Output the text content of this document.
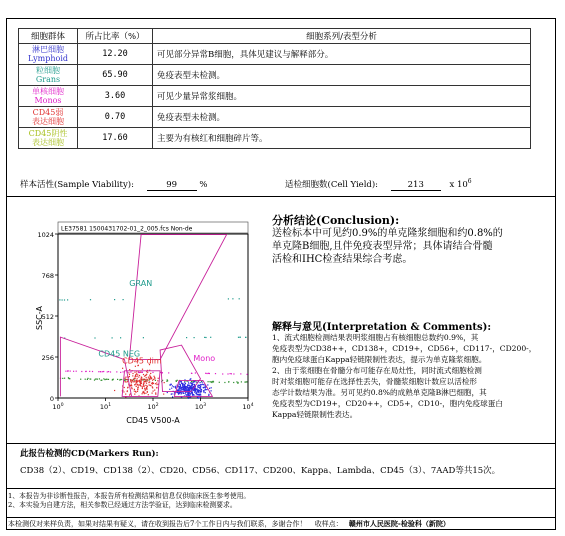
细胞群体	所占比率（%）	细胞系列/表型分析

淋巴细胞
Lymphoid	12.20	可见部分异常B细胞，具体见建议与解释部分。

粒细胞
Grans	65.90	免疫表型未检测。

单核细胞
Monos	3.60	可见少量异常浆细胞。

CD45弱
表达细胞	0.70	免疫表型未检测。

CD45阴性
表达细胞	17.60	主要为有核红和细胞碎片等。
样本活性(Sample Viability):	99	%	适检细胞数(Cell Yield):	213	x $10^6$
LE37581 1500431702-01_2_005.fcs Non-de
GRAN
CD45 NEG
CD45 dim	Mono
LY
1024
768
512
256
0
$10^0$	$10^1$	$10^2$	$10^3$	$10^4$
SSC-A
CD45 V500-A
分析结论(Conclusion):
送检标本中可见约0.9%的单克隆浆细胞和约0.8%的
单克隆B细胞,且伴免疫表型异常；具体请结合骨髓
活检和IHC检查结果综合考虑。
解释与意见(Interpretation & Comments):
1、流式细胞检测结果表明浆细胞占有核细胞总数约0.9%，其
免疫表型为CD38++，CD138+，CD19+，CD56+，CD117-，CD200-，
胞内免疫球蛋白Kappa轻链限制性表达，提示为单克隆浆细胞。
2、由于浆细胞在骨髓分布可能存在局灶性，同时流式细胞检测
时对浆细胞可能存在选择性丢失，骨髓浆细胞计数应以活检形
态学计数结果为准。另可见约0.8%的成熟单克隆B淋巴细胞，其
免疫表型为CD19+，CD20++，CD5+，CD10-，胞内免疫球蛋白
Kappa轻链限制性表达。
此报告检测的CD(Markers Run):
CD38（2）、CD19、CD138（2）、CD20、CD56、CD117、CD200、Kappa、Lambda、CD45（3）、7AAD等共15次。
1、本报告为非诊断性报告，本报告所有检测结果和信息仅供临床医生参考使用。
2、本实验为自建方法，相关参数已经通过方法学验证，达到临床检测要求。
本检测仅对来样负责，如果对结果有疑义，请在收到报告后7个工作日内与我们联系，多谢合作！ 收样点： 赣州市人民医院-检验科（新院）
